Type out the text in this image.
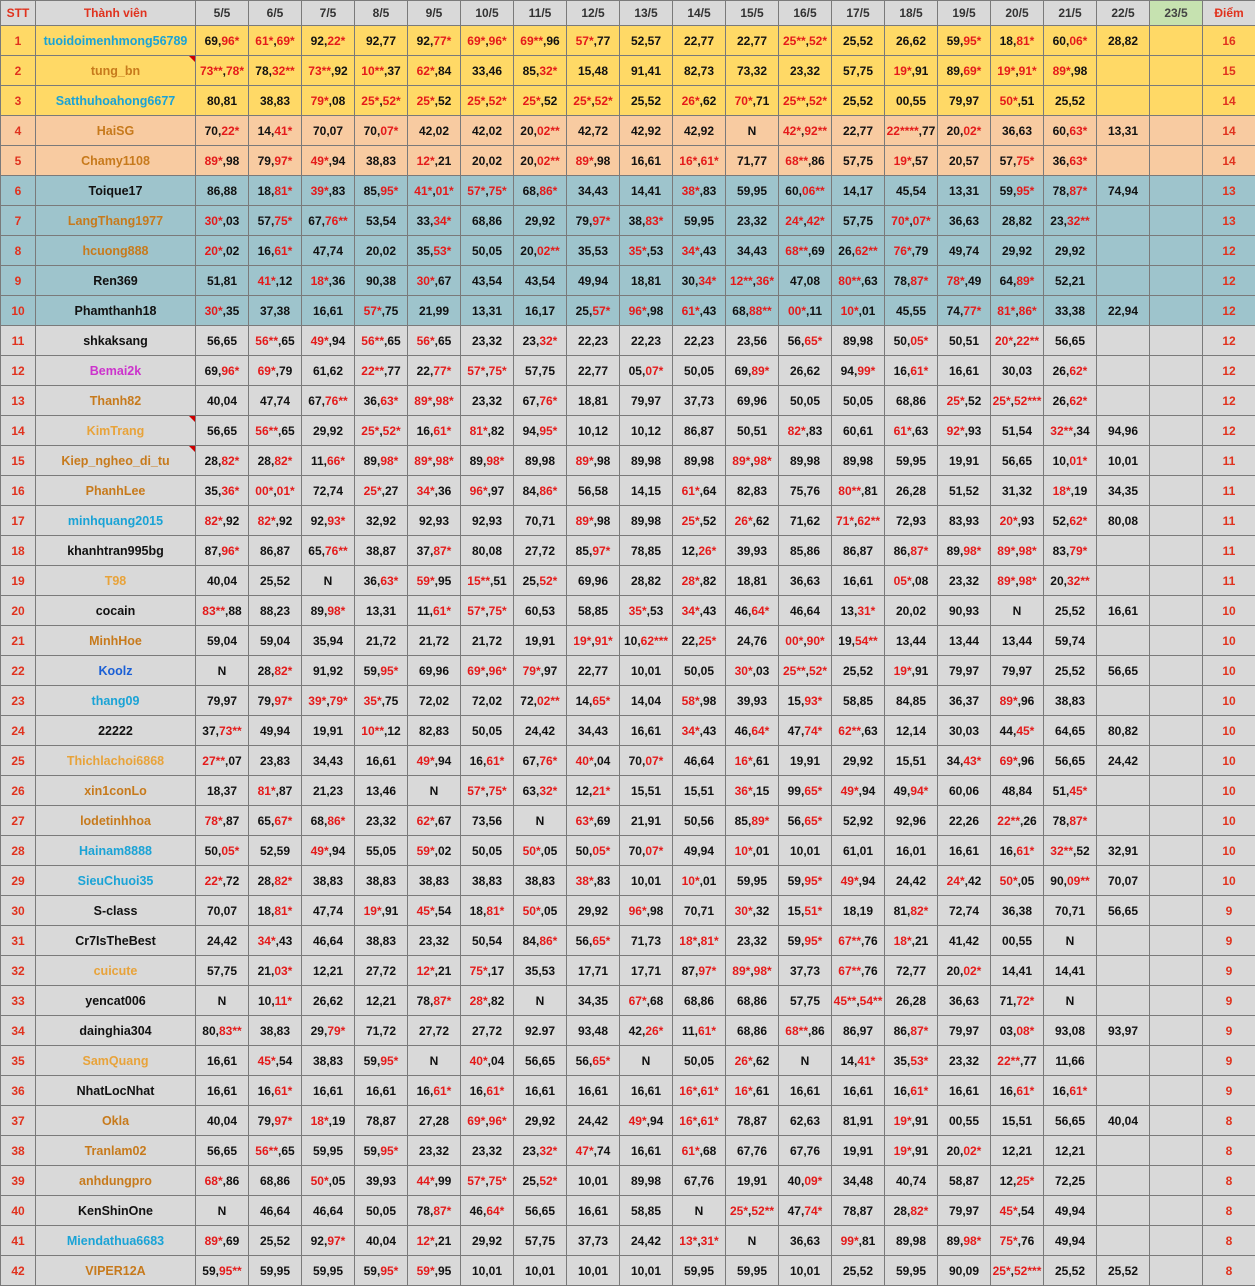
STT	Thành viên	5/5	6/5	7/5	8/5	9/5	10/5	11/5	12/5	13/5	14/5	15/5	16/5	17/5	18/5	19/5	20/5	21/5	22/5	23/5	Điểm
1	tuoidoimenhmong56789	69,96*	61*,69*	92,22*	92,77	92,77*	69*,96*	69**,96	57*,77	52,57	22,77	22,77	25**,52*	25,52	26,62	59,95*	18,81*	60,06*	28,82		16
2	tung_bn	73**,78*	78,32**	73**,92	10**,37	62*,84	33,46	85,32*	15,48	91,41	82,73	73,32	23,32	57,75	19*,91	89,69*	19*,91*	89*,98			15
3	Satthuhoahong6677	80,81	38,83	79*,08	25*,52*	25*,52	25*,52*	25*,52	25*,52*	25,52	26*,62	70*,71	25**,52*	25,52	00,55	79,97	50*,51	25,52			14
4	HaiSG	70,22*	14,41*	70,07	70,07*	42,02	42,02	20,02**	42,72	42,92	42,92	N	42*,92**	22,77	22****,77	20,02*	36,63	60,63*	13,31		14
5	Chamy1108	89*,98	79,97*	49*,94	38,83	12*,21	20,02	20,02**	89*,98	16,61	16*,61*	71,77	68**,86	57,75	19*,57	20,57	57,75*	36,63*			14
6	Toique17	86,88	18,81*	39*,83	85,95*	41*,01*	57*,75*	68,86*	34,43	14,41	38*,83	59,95	60,06**	14,17	45,54	13,31	59,95*	78,87*	74,94		13
7	LangThang1977	30*,03	57,75*	67,76**	53,54	33,34*	68,86	29,92	79,97*	38,83*	59,95	23,32	24*,42*	57,75	70*,07*	36,63	28,82	23,32**			13
8	hcuong888	20*,02	16,61*	47,74	20,02	35,53*	50,05	20,02**	35,53	35*,53	34*,43	34,43	68**,69	26,62**	76*,79	49,74	29,92	29,92			12
9	Ren369	51,81	41*,12	18*,36	90,38	30*,67	43,54	43,54	49,94	18,81	30,34*	12**,36*	47,08	80**,63	78,87*	78*,49	64,89*	52,21			12
10	Phamthanh18	30*,35	37,38	16,61	57*,75	21,99	13,31	16,17	25,57*	96*,98	61*,43	68,88**	00*,11	10*,01	45,55	74,77*	81*,86*	33,38	22,94		12
11	shkaksang	56,65	56**,65	49*,94	56**,65	56*,65	23,32	23,32*	22,23	22,23	22,23	23,56	56,65*	89,98	50,05*	50,51	20*,22**	56,65			12
12	Bemai2k	69,96*	69*,79	61,62	22**,77	22,77*	57*,75*	57,75	22,77	05,07*	50,05	69,89*	26,62	94,99*	16,61*	16,61	30,03	26,62*			12
13	Thanh82	40,04	47,74	67,76**	36,63*	89*,98*	23,32	67,76*	18,81	79,97	37,73	69,96	50,05	50,05	68,86	25*,52	25*,52***	26,62*			12
14	KimTrang	56,65	56**,65	29,92	25*,52*	16,61*	81*,82	94,95*	10,12	10,12	86,87	50,51	82*,83	60,61	61*,63	92*,93	51,54	32**,34	94,96		12
15	Kiep_ngheo_di_tu	28,82*	28,82*	11,66*	89,98*	89*,98*	89,98*	89,98	89*,98	89,98	89,98	89*,98*	89,98	89,98	59,95	19,91	56,65	10,01*	10,01		11
16	PhanhLee	35,36*	00*,01*	72,74	25*,27	34*,36	96*,97	84,86*	56,58	14,15	61*,64	82,83	75,76	80**,81	26,28	51,52	31,32	18*,19	34,35		11
17	minhquang2015	82*,92	82*,92	92,93*	32,92	92,93	92,93	70,71	89*,98	89,98	25*,52	26*,62	71,62	71*,62**	72,93	83,93	20*,93	52,62*	80,08		11
18	khanhtran995bg	87,96*	86,87	65,76**	38,87	37,87*	80,08	27,72	85,97*	78,85	12,26*	39,93	85,86	86,87	86,87*	89,98*	89*,98*	83,79*			11
19	T98	40,04	25,52	N	36,63*	59*,95	15**,51	25,52*	69,96	28,82	28*,82	18,81	36,63	16,61	05*,08	23,32	89*,98*	20,32**			11
20	cocain	83**,88	88,23	89,98*	13,31	11,61*	57*,75*	60,53	58,85	35*,53	34*,43	46,64*	46,64	13,31*	20,02	90,93	N	25,52	16,61		10
21	MinhHoe	59,04	59,04	35,94	21,72	21,72	21,72	19,91	19*,91*	10,62***	22,25*	24,76	00*,90*	19,54**	13,44	13,44	13,44	59,74			10
22	Koolz	N	28,82*	91,92	59,95*	69,96	69*,96*	79*,97	22,77	10,01	50,05	30*,03	25**,52*	25,52	19*,91	79,97	79,97	25,52	56,65		10
23	thang09	79,97	79,97*	39*,79*	35*,75	72,02	72,02	72,02**	14,65*	14,04	58*,98	39,93	15,93*	58,85	84,85	36,37	89*,96	38,83			10
24	22222	37,73**	49,94	19,91	10**,12	82,83	50,05	24,42	34,43	16,61	34*,43	46,64*	47,74*	62**,63	12,14	30,03	44,45*	64,65	80,82		10
25	Thichlachoi6868	27**,07	23,83	34,43	16,61	49*,94	16,61*	67,76*	40*,04	70,07*	46,64	16*,61	19,91	29,92	15,51	34,43*	69*,96	56,65	24,42		10
26	xin1conLo	18,37	81*,87	21,23	13,46	N	57*,75*	63,32*	12,21*	15,51	15,51	36*,15	99,65*	49*,94	49,94*	60,06	48,84	51,45*			10
27	lodetinhhoa	78*,87	65,67*	68,86*	23,32	62*,67	73,56	N	63*,69	21,91	50,56	85,89*	56,65*	52,92	92,96	22,26	22**,26	78,87*			10
28	Hainam8888	50,05*	52,59	49*,94	55,05	59*,02	50,05	50*,05	50,05*	70,07*	49,94	10*,01	10,01	61,01	16,01	16,61	16,61*	32**,52	32,91		10
29	SieuChuoi35	22*,72	28,82*	38,83	38,83	38,83	38,83	38,83	38*,83	10,01	10*,01	59,95	59,95*	49*,94	24,42	24*,42	50*,05	90,09**	70,07		10
30	S-class	70,07	18,81*	47,74	19*,91	45*,54	18,81*	50*,05	29,92	96*,98	70,71	30*,32	15,51*	18,19	81,82*	72,74	36,38	70,71	56,65		9
31	Cr7IsTheBest	24,42	34*,43	46,64	38,83	23,32	50,54	84,86*	56,65*	71,73	18*,81*	23,32	59,95*	67**,76	18*,21	41,42	00,55	N			9
32	cuicute	57,75	21,03*	12,21	27,72	12*,21	75*,17	35,53	17,71	17,71	87,97*	89*,98*	37,73	67**,76	72,77	20,02*	14,41	14,41			9
33	yencat006	N	10,11*	26,62	12,21	78,87*	28*,82	N	34,35	67*,68	68,86	68,86	57,75	45**,54**	26,28	36,63	71,72*	N			9
34	dainghia304	80,83**	38,83	29,79*	71,72	27,72	27,72	92.97	93,48	42,26*	11,61*	68,86	68**,86	86,97	86,87*	79,97	03,08*	93,08	93,97		9
35	SamQuang	16,61	45*,54	38,83	59,95*	N	40*,04	56,65	56,65*	N	50,05	26*,62	N	14,41*	35,53*	23,32	22**,77	11,66			9
36	NhatLocNhat	16,61	16,61*	16,61	16,61	16,61*	16,61*	16,61	16,61	16,61	16*,61*	16*,61	16,61	16,61	16,61*	16,61	16,61*	16,61*			9
37	Okla	40,04	79,97*	18*,19	78,87	27,28	69*,96*	29,92	24,42	49*,94	16*,61*	78,87	62,63	81,91	19*,91	00,55	15,51	56,65	40,04		8
38	Tranlam02	56,65	56**,65	59,95	59,95*	23,32	23,32	23,32*	47*,74	16,61	61*,68	67,76	67,76	19,91	19*,91	20,02*	12,21	12,21			8
39	anhdungpro	68*,86	68,86	50*,05	39,93	44*,99	57*,75*	25,52*	10,01	89,98	67,76	19,91	40,09*	34,48	40,74	58,87	12,25*	72,25			8
40	KenShinOne	N	46,64	46,64	50,05	78,87*	46,64*	56,65	16,61	58,85	N	25*,52**	47,74*	78,87	28,82*	79,97	45*,54	49,94			8
41	Miendathua6683	89*,69	25,52	92,97*	40,04	12*,21	29,92	57,75	37,73	24,42	13*,31*	N	36,63	99*,81	89,98	89,98*	75*,76	49,94			8
42	VIPER12A	59,95**	59,95	59,95	59,95*	59*,95	10,01	10,01	10,01	10,01	59,95	59,95	10,01	25,52	59,95	90,09	25*,52***	25,52	25,52		8
